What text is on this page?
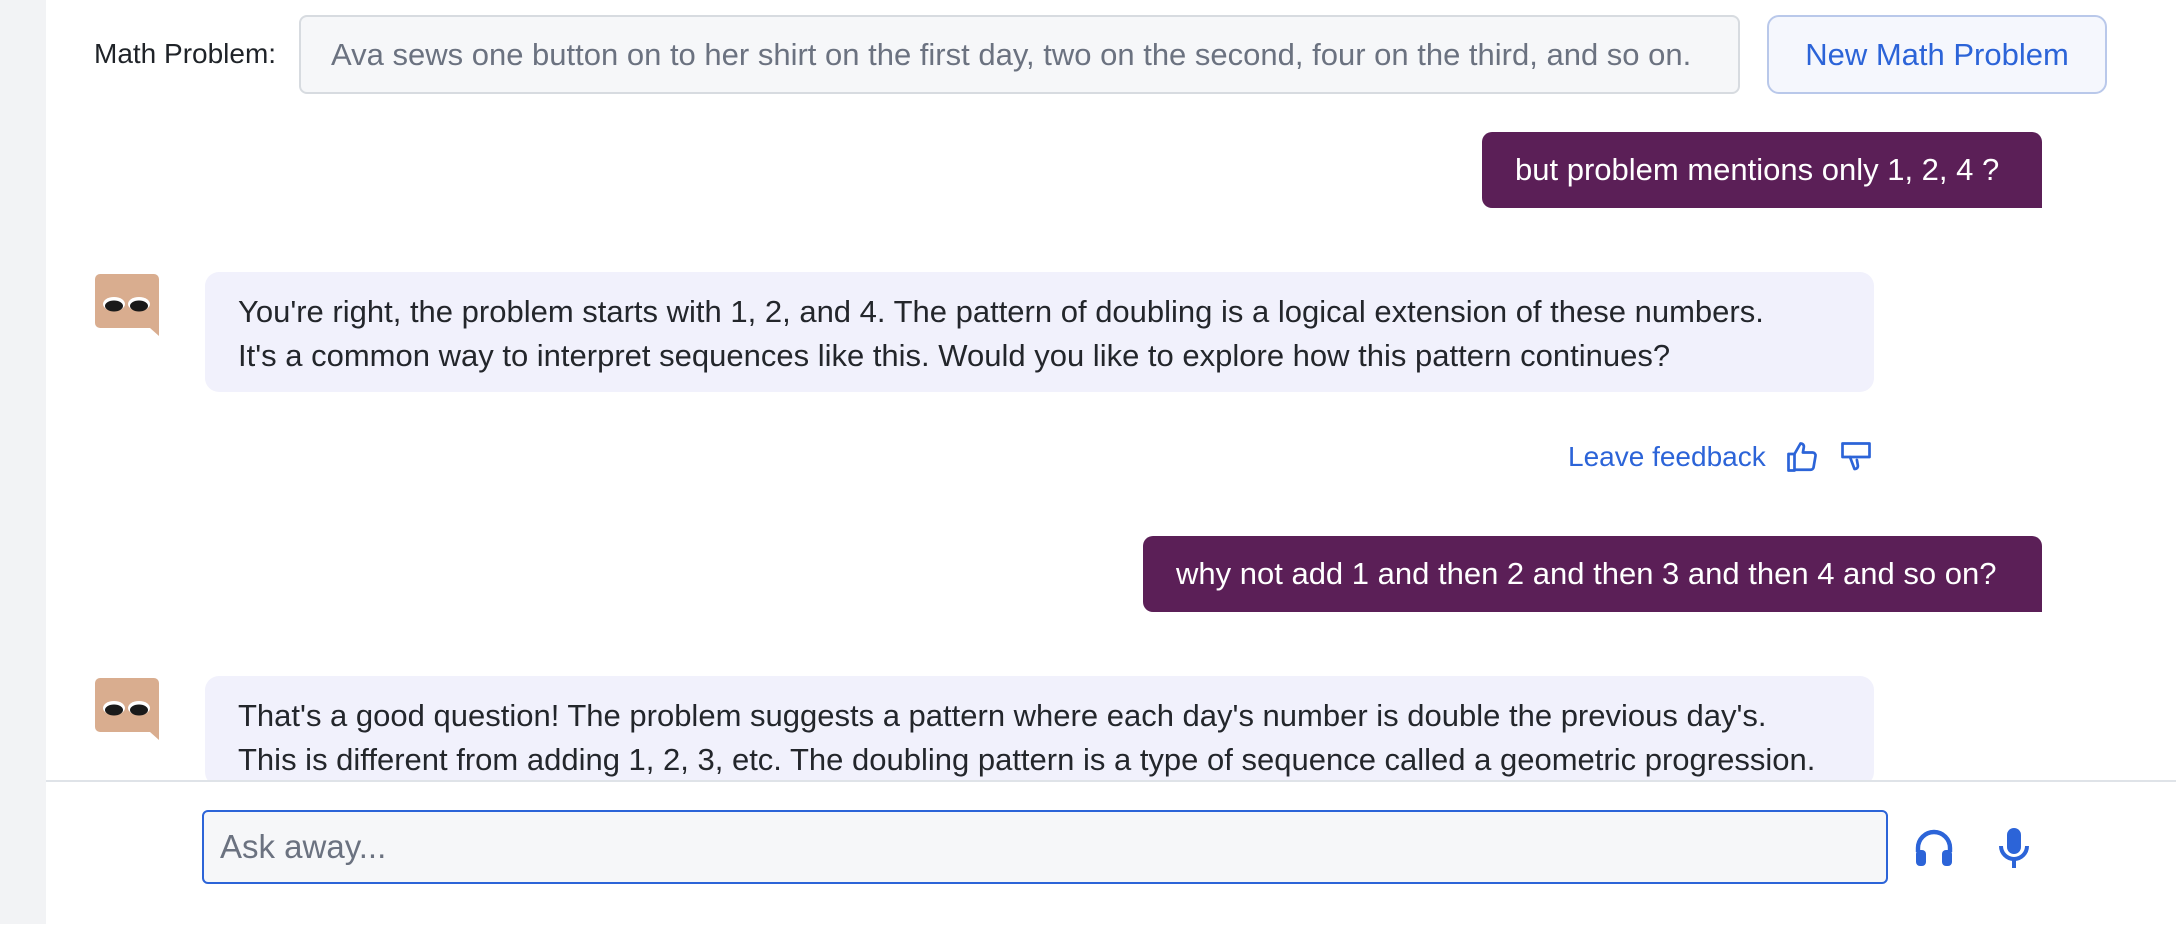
Math Problem:	Ava sews one button on to her shirt on the first day, two on the second, four on the third, and so on.	New Math Problem
but problem mentions only 1, 2, 4 ?

You're right, the problem starts with 1, 2, and 4. The pattern of doubling is a logical extension of these numbers.

It's a common way to interpret sequences like this. Would you like to explore how this pattern continues?

Leave feedback
why not add 1 and then 2 and then 3 and then 4 and so on?

That's a good question! The problem suggests a pattern where each day's number is double the previous day's.

This is different from adding 1, 2, 3, etc. The doubling pattern is a type of sequence called a geometric progression.

Ask away...
